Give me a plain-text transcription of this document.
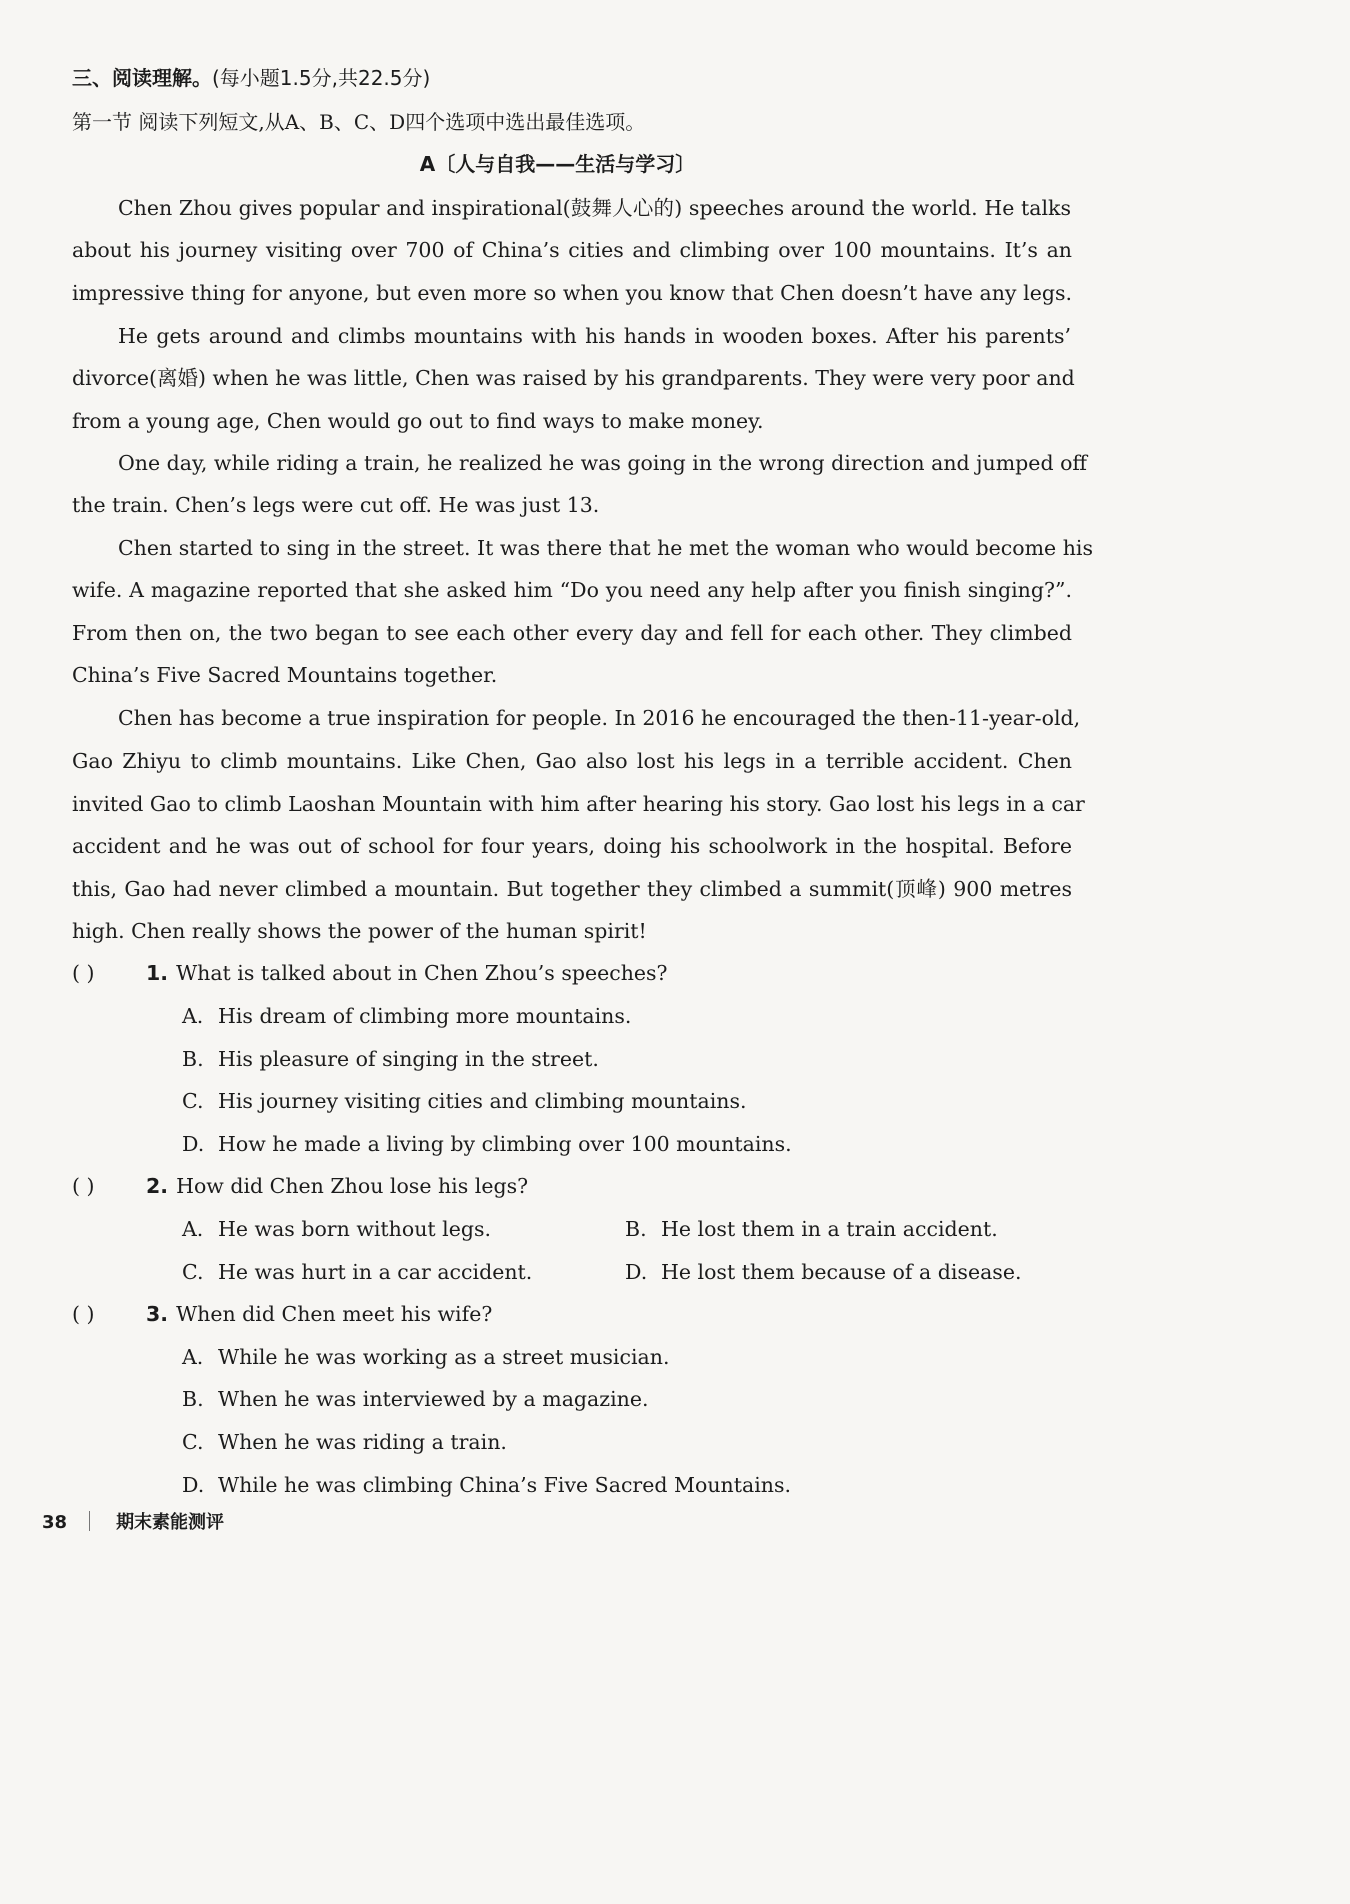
三、阅读理解。(每小题1.5分,共22.5分)
第一节 阅读下列短文,从A、B、C、D四个选项中选出最佳选项。
A〔人与自我——生活与学习〕
Chen Zhou gives popular and inspirational(鼓舞人心的) speeches around the world. He talks
about his journey visiting over 700 of China’s cities and climbing over 100 mountains. It’s an
impressive thing for anyone, but even more so when you know that Chen doesn’t have any legs.
He gets around and climbs mountains with his hands in wooden boxes. After his parents’
divorce(离婚) when he was little, Chen was raised by his grandparents. They were very poor and
from a young age, Chen would go out to find ways to make money.
One day, while riding a train, he realized he was going in the wrong direction and jumped off
the train. Chen’s legs were cut off. He was just 13.
Chen started to sing in the street. It was there that he met the woman who would become his
wife. A magazine reported that she asked him “Do you need any help after you finish singing?”.
From then on, the two began to see each other every day and fell for each other. They climbed
China’s Five Sacred Mountains together.
Chen has become a true inspiration for people. In 2016 he encouraged the then-11-year-old,
Gao Zhiyu to climb mountains. Like Chen, Gao also lost his legs in a terrible accident. Chen
invited Gao to climb Laoshan Mountain with him after hearing his story. Gao lost his legs in a car
accident and he was out of school for four years, doing his schoolwork in the hospital. Before
this, Gao had never climbed a mountain. But together they climbed a summit(顶峰) 900 metres
high. Chen really shows the power of the human spirit!
( )	1. What is talked about in Chen Zhou’s speeches?
A. His dream of climbing more mountains.
B. His pleasure of singing in the street.
C. His journey visiting cities and climbing mountains.
D. How he made a living by climbing over 100 mountains.
( )	2. How did Chen Zhou lose his legs?
A. He was born without legs.	B. He lost them in a train accident.
C. He was hurt in a car accident.	D. He lost them because of a disease.
( )	3. When did Chen meet his wife?
A. While he was working as a street musician.
B. When he was interviewed by a magazine.
C. When he was riding a train.
D. While he was climbing China’s Five Sacred Mountains.
38	期末素能测评
